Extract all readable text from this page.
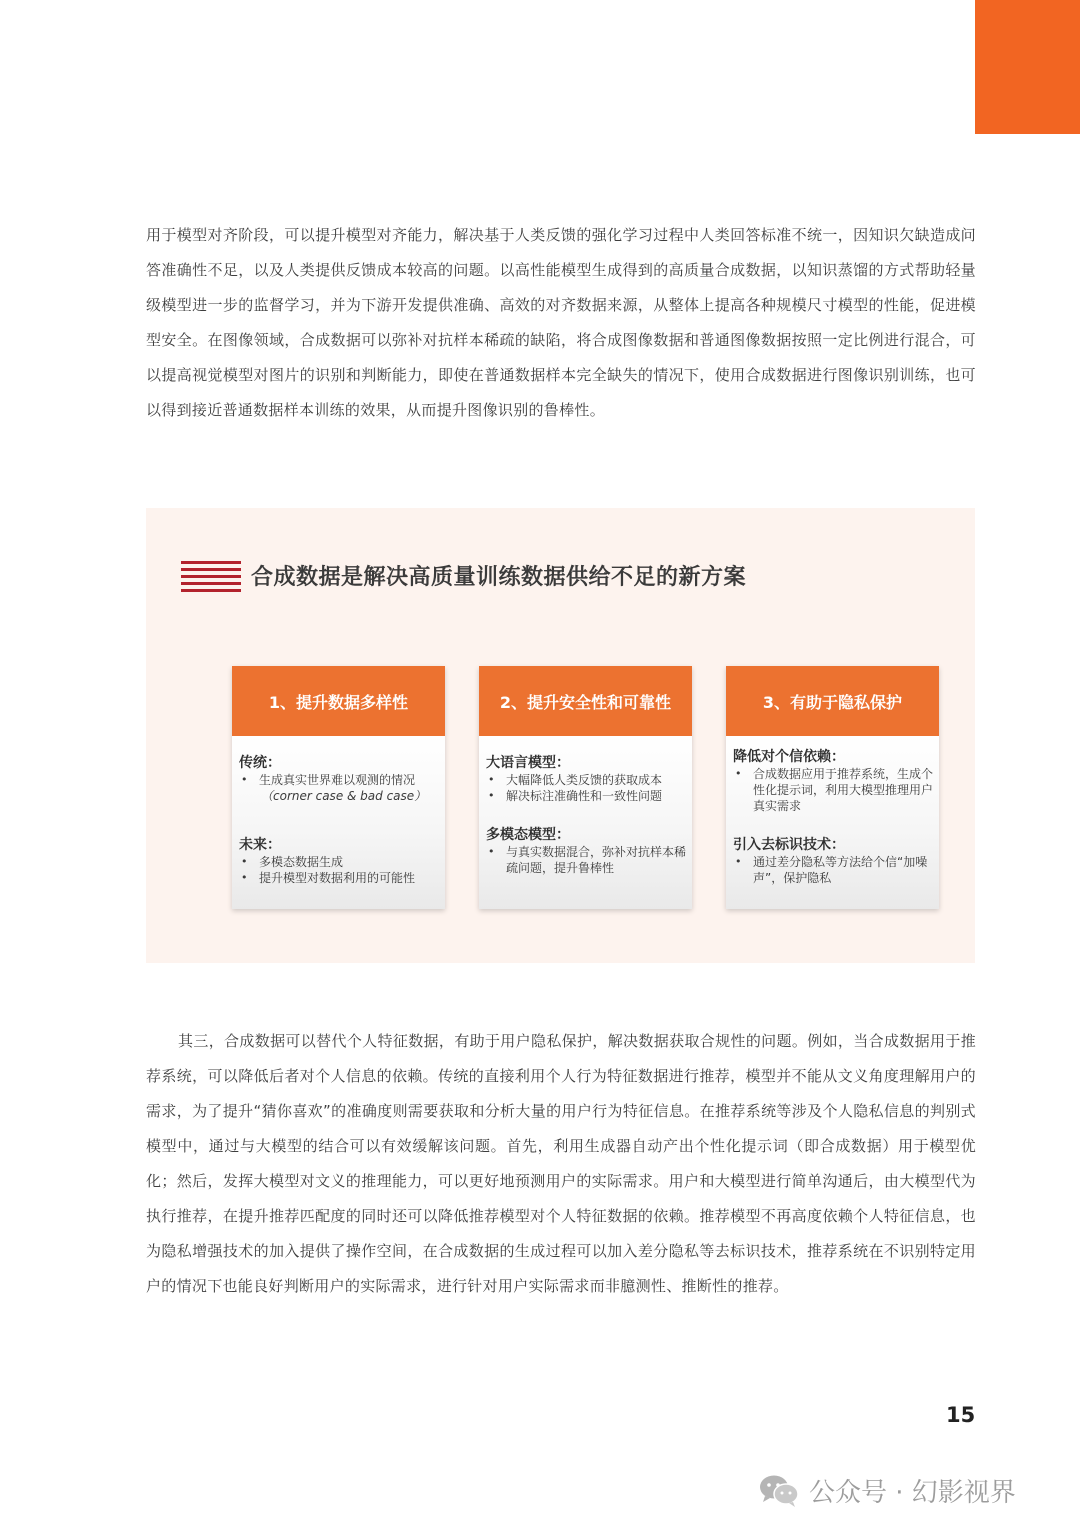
用于模型对齐阶段，可以提升模型对齐能力，解决基于人类反馈的强化学习过程中人类回答标准不统一，因知识欠缺造成问答准确性不足，以及人类提供反馈成本较高的问题。以高性能模型生成得到的高质量合成数据，以知识蒸馏的方式帮助轻量级模型进一步的监督学习，并为下游开发提供准确、高效的对齐数据来源，从整体上提高各种规模尺寸模型的性能，促进模型安全。在图像领域，合成数据可以弥补对抗样本稀疏的缺陷，将合成图像数据和普通图像数据按照一定比例进行混合，可以提高视觉模型对图片的识别和判断能力，即使在普通数据样本完全缺失的情况下，使用合成数据进行图像识别训练，也可以得到接近普通数据样本训练的效果，从而提升图像识别的鲁棒性。
合成数据是解决高质量训练数据供给不足的新方案
1、提升数据多样性
传统：
• 生成真实世界难以观测的情况
（corner case & bad case）
未来：
• 多模态数据生成
• 提升模型对数据利用的可能性
2、提升安全性和可靠性
大语言模型：
• 大幅降低人类反馈的获取成本
• 解决标注准确性和一致性问题
多模态模型：
• 与真实数据混合，弥补对抗样本稀疏问题，提升鲁棒性
3、有助于隐私保护
降低对个信依赖：
• 合成数据应用于推荐系统，生成个性化提示词，利用大模型推理用户真实需求
引入去标识技术：
• 通过差分隐私等方法给个信“加噪声”，保护隐私
其三，合成数据可以替代个人特征数据，有助于用户隐私保护，解决数据获取合规性的问题。例如，当合成数据用于推荐系统，可以降低后者对个人信息的依赖。传统的直接利用个人行为特征数据进行推荐，模型并不能从文义角度理解用户的需求，为了提升“猜你喜欢”的准确度则需要获取和分析大量的用户行为特征信息。在推荐系统等涉及个人隐私信息的判别式模型中，通过与大模型的结合可以有效缓解该问题。首先，利用生成器自动产出个性化提示词（即合成数据）用于模型优化；然后，发挥大模型对文义的推理能力，可以更好地预测用户的实际需求。用户和大模型进行简单沟通后，由大模型代为执行推荐，在提升推荐匹配度的同时还可以降低推荐模型对个人特征数据的依赖。推荐模型不再高度依赖个人特征信息，也为隐私增强技术的加入提供了操作空间，在合成数据的生成过程可以加入差分隐私等去标识技术，推荐系统在不识别特定用户的情况下也能良好判断用户的实际需求，进行针对用户实际需求而非臆测性、推断性的推荐。
15
公众号 · 幻影视界
